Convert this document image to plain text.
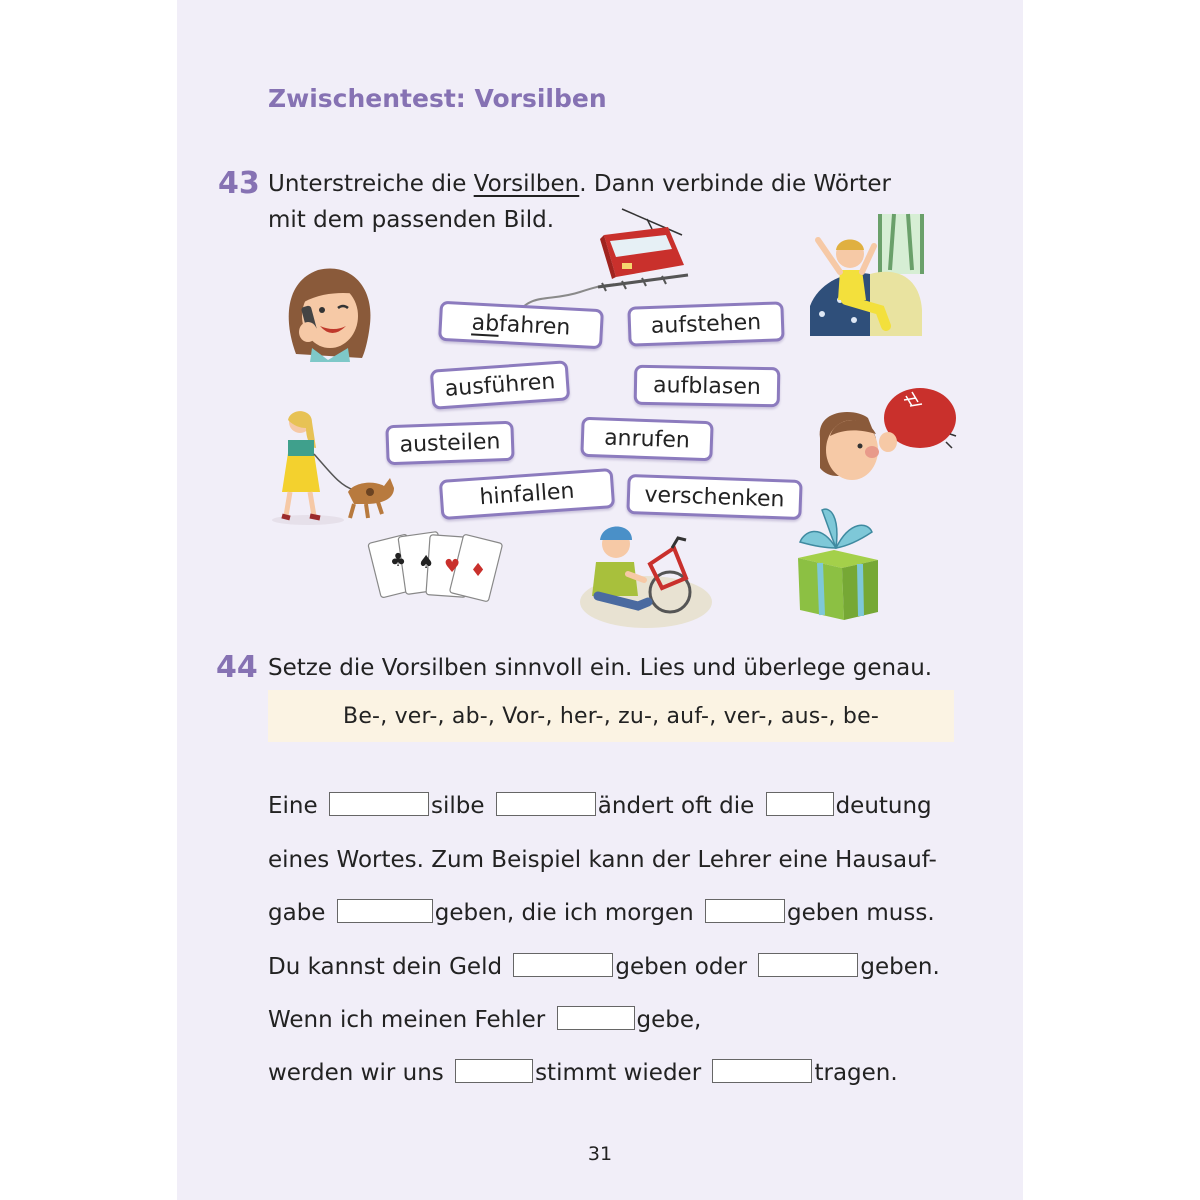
Zwischentest: Vorsilben
43 Unterstreiche die Vorsilben. Dann verbinde die Wörter
mit dem passenden Bild.
ab
fahren	aufstehen
ausführen	aufblasen
austeilen	anrufen
hinfallen	verschenken
♣ ♠ ♥ ♦
44 Setze die Vorsilben sinnvoll ein. Lies und überlege genau.
Be-, ver-, ab-, Vor-, her-, zu-, auf-, ver-, aus-, be-
Eine	silbe	ändert oft die	deutung
eines Wortes. Zum Beispiel kann der Lehrer eine Hausauf-
gabe	geben, die ich morgen	geben muss.
Du kannst dein Geld	geben oder	geben.
Wenn ich meinen Fehler	gebe,
werden wir uns	stimmt wieder	tragen.
31
